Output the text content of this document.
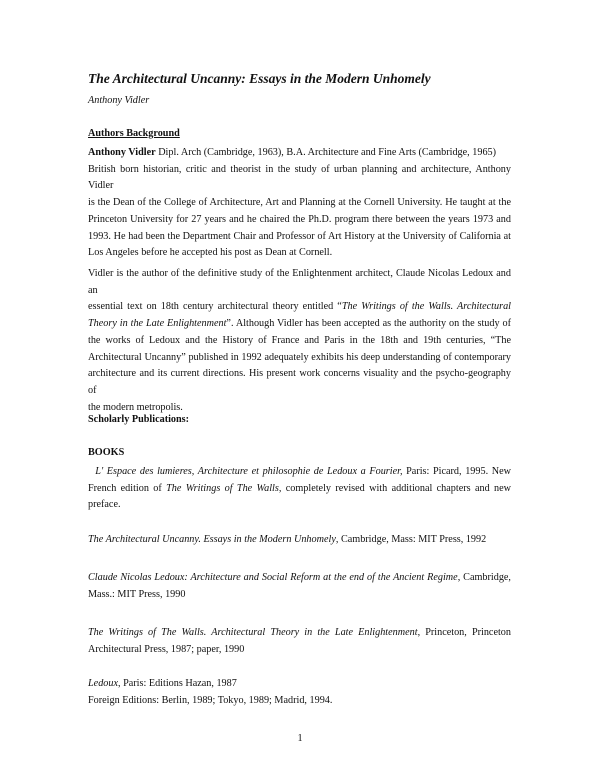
The Architectural Uncanny: Essays in the Modern Unhomely

Anthony Vidler

Authors Background

Anthony Vidler Dipl. Arch (Cambridge, 1963), B.A. Architecture and Fine Arts (Cambridge, 1965)
British born historian, critic and theorist in the study of urban planning and architecture, Anthony Vidler
is the Dean of the College of Architecture, Art and Planning at the Cornell University. He taught at the
Princeton University for 27 years and he chaired the Ph.D. program there between the years 1973 and
1993. He had been the Department Chair and Professor of Art History at the University of California at
Los Angeles before he accepted his post as Dean at Cornell.
Vidler is the author of the definitive study of the Enlightenment architect, Claude Nicolas Ledoux and an
essential text on 18th century architectural theory entitled “The Writings of the Walls. Architectural
Theory in the Late Enlightenment”. Although Vidler has been accepted as the authority on the study of
the works of Ledoux and the History of France and Paris in the 18th and 19th centuries, “The
Architectural Uncanny” published in 1992 adequately exhibits his deep understanding of contemporary
architecture and its current directions. His present work concerns visuality and the psycho-geography of
the modern metropolis.

Scholarly Publications:

BOOKS

L' Espace des lumieres, Architecture et philosophie de Ledoux a Fourier, Paris: Picard, 1995. New
French edition of The Writings of The Walls, completely revised with additional chapters and new
preface.
The Architectural Uncanny. Essays in the Modern Unhomely, Cambridge, Mass: MIT Press, 1992
Claude Nicolas Ledoux: Architecture and Social Reform at the end of the Ancient Regime, Cambridge,
Mass.: MIT Press, 1990
The Writings of The Walls. Architectural Theory in the Late Enlightenment, Princeton, Princeton
Architectural Press, 1987; paper, 1990
Ledoux, Paris: Editions Hazan, 1987
Foreign Editions: Berlin, 1989; Tokyo, 1989; Madrid, 1994.

1
